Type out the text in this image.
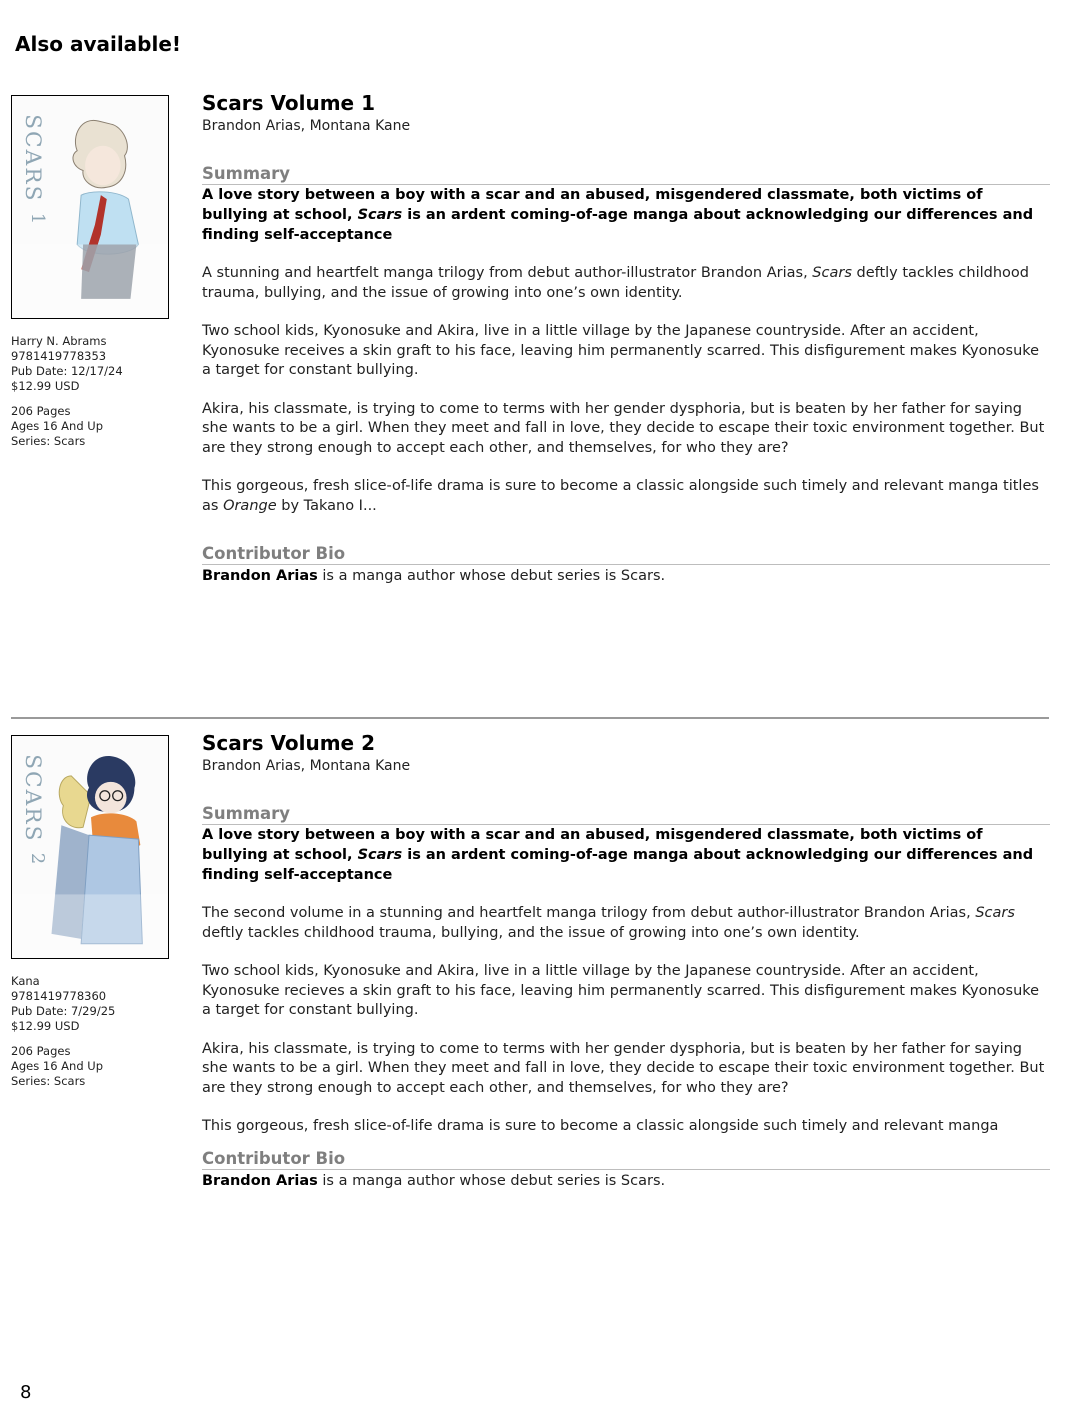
Also available!
SCARS
1
Harry N. Abrams
9781419778353
Pub Date: 12/17/24
$12.99 USD
206 Pages
Ages 16 And Up
Series: Scars
Scars Volume 1
Brandon Arias, Montana Kane
Summary
A love story between a boy with a scar and an abused, misgendered classmate, both victims of bullying at school, Scars is an ardent coming-of-age manga about acknowledging our differences and finding self-acceptance
A stunning and heartfelt manga trilogy from debut author-illustrator Brandon Arias, Scars deftly tackles childhood trauma, bullying, and the issue of growing into one’s own identity.
Two school kids, Kyonosuke and Akira, live in a little village by the Japanese countryside. After an accident, Kyonosuke receives a skin graft to his face, leaving him permanently scarred. This disfigurement makes Kyonosuke a target for constant bullying.
Akira, his classmate, is trying to come to terms with her gender dysphoria, but is beaten by her father for saying she wants to be a girl. When they meet and fall in love, they decide to escape their toxic environment together. But are they strong enough to accept each other, and themselves, for who they are?
This gorgeous, fresh slice-of-life drama is sure to become a classic alongside such timely and relevant manga titles as Orange by Takano I...
Contributor Bio
Brandon Arias is a manga author whose debut series is Scars.
SCARS
2
Kana
9781419778360
Pub Date: 7/29/25
$12.99 USD
206 Pages
Ages 16 And Up
Series: Scars
Scars Volume 2
Brandon Arias, Montana Kane
Summary
A love story between a boy with a scar and an abused, misgendered classmate, both victims of bullying at school, Scars is an ardent coming-of-age manga about acknowledging our differences and finding self-acceptance
The second volume in a stunning and heartfelt manga trilogy from debut author-illustrator Brandon Arias, Scars deftly tackles childhood trauma, bullying, and the issue of growing into one’s own identity.
Two school kids, Kyonosuke and Akira, live in a little village by the Japanese countryside. After an accident, Kyonosuke recieves a skin graft to his face, leaving him permanently scarred. This disfigurement makes Kyonosuke a target for constant bullying.
Akira, his classmate, is trying to come to terms with her gender dysphoria, but is beaten by her father for saying she wants to be a girl. When they meet and fall in love, they decide to escape their toxic environment together. But are they strong enough to accept each other, and themselves, for who they are?
This gorgeous, fresh slice-of-life drama is sure to become a classic alongside such timely and relevant manga
Contributor Bio
Brandon Arias is a manga author whose debut series is Scars.
8
